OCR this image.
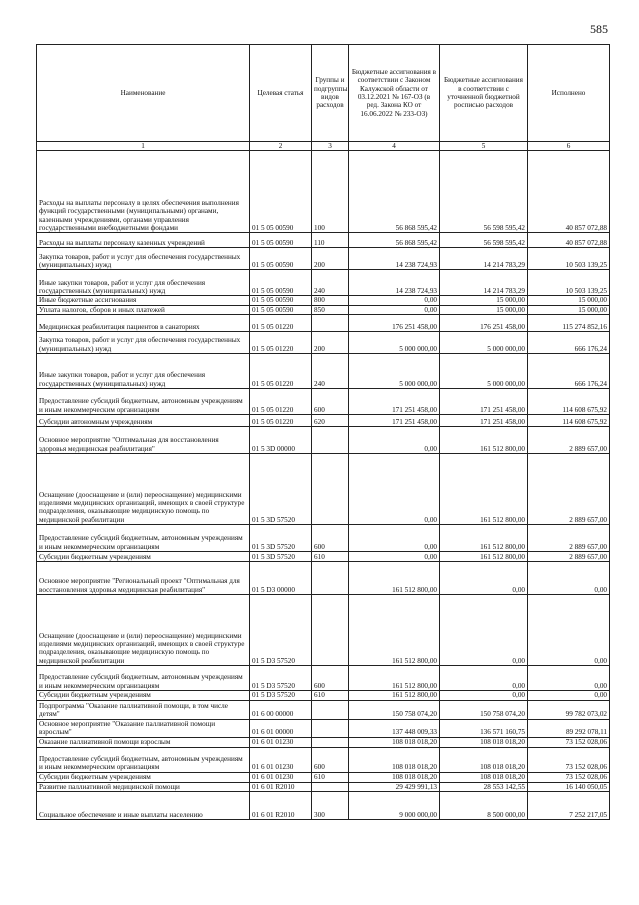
585
Наименование	Целевая статья	Группы и подгруппы видов расходов	Бюджетные ассигнования в соответствии с Законом Калужской области от 03.12.2021 № 167-ОЗ (в ред. Закона КО от 16.06.2022 № 233-ОЗ)	Бюджетные ассигнования в соответствии с уточненной бюджетной росписью расходов	Исполнено
1	2	3	4	5	6
Расходы на выплаты персоналу в целях обеспечения выполнения функций государственными (муниципальными) органами, казенными учреждениями, органами управления государственными внебюджетными фондами	01 5 05 00590	100	56 868 595,42	56 598 595,42	40 857 072,88
Расходы на выплаты персоналу казенных учреждений	01 5 05 00590	110	56 868 595,42	56 598 595,42	40 857 072,88
Закупка товаров, работ и услуг для обеспечения государственных (муниципальных) нужд	01 5 05 00590	200	14 238 724,93	14 214 783,29	10 503 139,25
Иные закупки товаров, работ и услуг для обеспечения государственных (муниципальных) нужд	01 5 05 00590	240	14 238 724,93	14 214 783,29	10 503 139,25
Иные бюджетные ассигнования	01 5 05 00590	800	0,00	15 000,00	15 000,00
Уплата налогов, сборов и иных платежей	01 5 05 00590	850	0,00	15 000,00	15 000,00
Медицинская реабилитация пациентов в санаториях	01 5 05 01220		176 251 458,00	176 251 458,00	115 274 852,16
Закупка товаров, работ и услуг для обеспечения государственных (муниципальных) нужд	01 5 05 01220	200	5 000 000,00	5 000 000,00	666 176,24
Иные закупки товаров, работ и услуг для обеспечения государственных (муниципальных) нужд	01 5 05 01220	240	5 000 000,00	5 000 000,00	666 176,24
Предоставление субсидий бюджетным, автономным учреждениям и иным некоммерческим организациям	01 5 05 01220	600	171 251 458,00	171 251 458,00	114 608 675,92
Субсидии автономным учреждениям	01 5 05 01220	620	171 251 458,00	171 251 458,00	114 608 675,92
Основное мероприятие "Оптимальная для восстановления здоровья медицинская реабилитация"	01 5 3D 00000		0,00	161 512 800,00	2 889 657,00
Оснащение (дооснащение и (или) переоснащение) медицинскими изделиями медицинских организаций, имеющих в своей структуре подразделения, оказывающие медицинскую помощь по медицинской реабилитации	01 5 3D 57520		0,00	161 512 800,00	2 889 657,00
Предоставление субсидий бюджетным, автономным учреждениям и иным некоммерческим организациям	01 5 3D 57520	600	0,00	161 512 800,00	2 889 657,00
Субсидии бюджетным учреждениям	01 5 3D 57520	610	0,00	161 512 800,00	2 889 657,00
Основное мероприятие "Региональный проект "Оптимальная для восстановления здоровья медицинская реабилитация"	01 5 D3 00000		161 512 800,00	0,00	0,00
Оснащение (дооснащение и (или) переоснащение) медицинскими изделиями медицинских организаций, имеющих в своей структуре подразделения, оказывающие медицинскую помощь по медицинской реабилитации	01 5 D3 57520		161 512 800,00	0,00	0,00
Предоставление субсидий бюджетным, автономным учреждениям и иным некоммерческим организациям	01 5 D3 57520	600	161 512 800,00	0,00	0,00
Субсидии бюджетным учреждениям	01 5 D3 57520	610	161 512 800,00	0,00	0,00
Подпрограмма "Оказание паллиативной помощи, в том числе детям"	01 6 00 00000		150 758 074,20	150 758 074,20	99 782 073,02
Основное мероприятие "Оказание паллиативной помощи взрослым"	01 6 01 00000		137 448 009,33	136 571 160,75	89 292 078,11
Оказание паллиативной помощи взрослым	01 6 01 01230		108 018 018,20	108 018 018,20	73 152 028,06
Предоставление субсидий бюджетным, автономным учреждениям и иным некоммерческим организациям	01 6 01 01230	600	108 018 018,20	108 018 018,20	73 152 028,06
Субсидии бюджетным учреждениям	01 6 01 01230	610	108 018 018,20	108 018 018,20	73 152 028,06
Развитие паллиативной медицинской помощи	01 6 01 R2010		29 429 991,13	28 553 142,55	16 140 050,05
Социальное обеспечение и иные выплаты населению	01 6 01 R2010	300	9 000 000,00	8 500 000,00	7 252 217,05
